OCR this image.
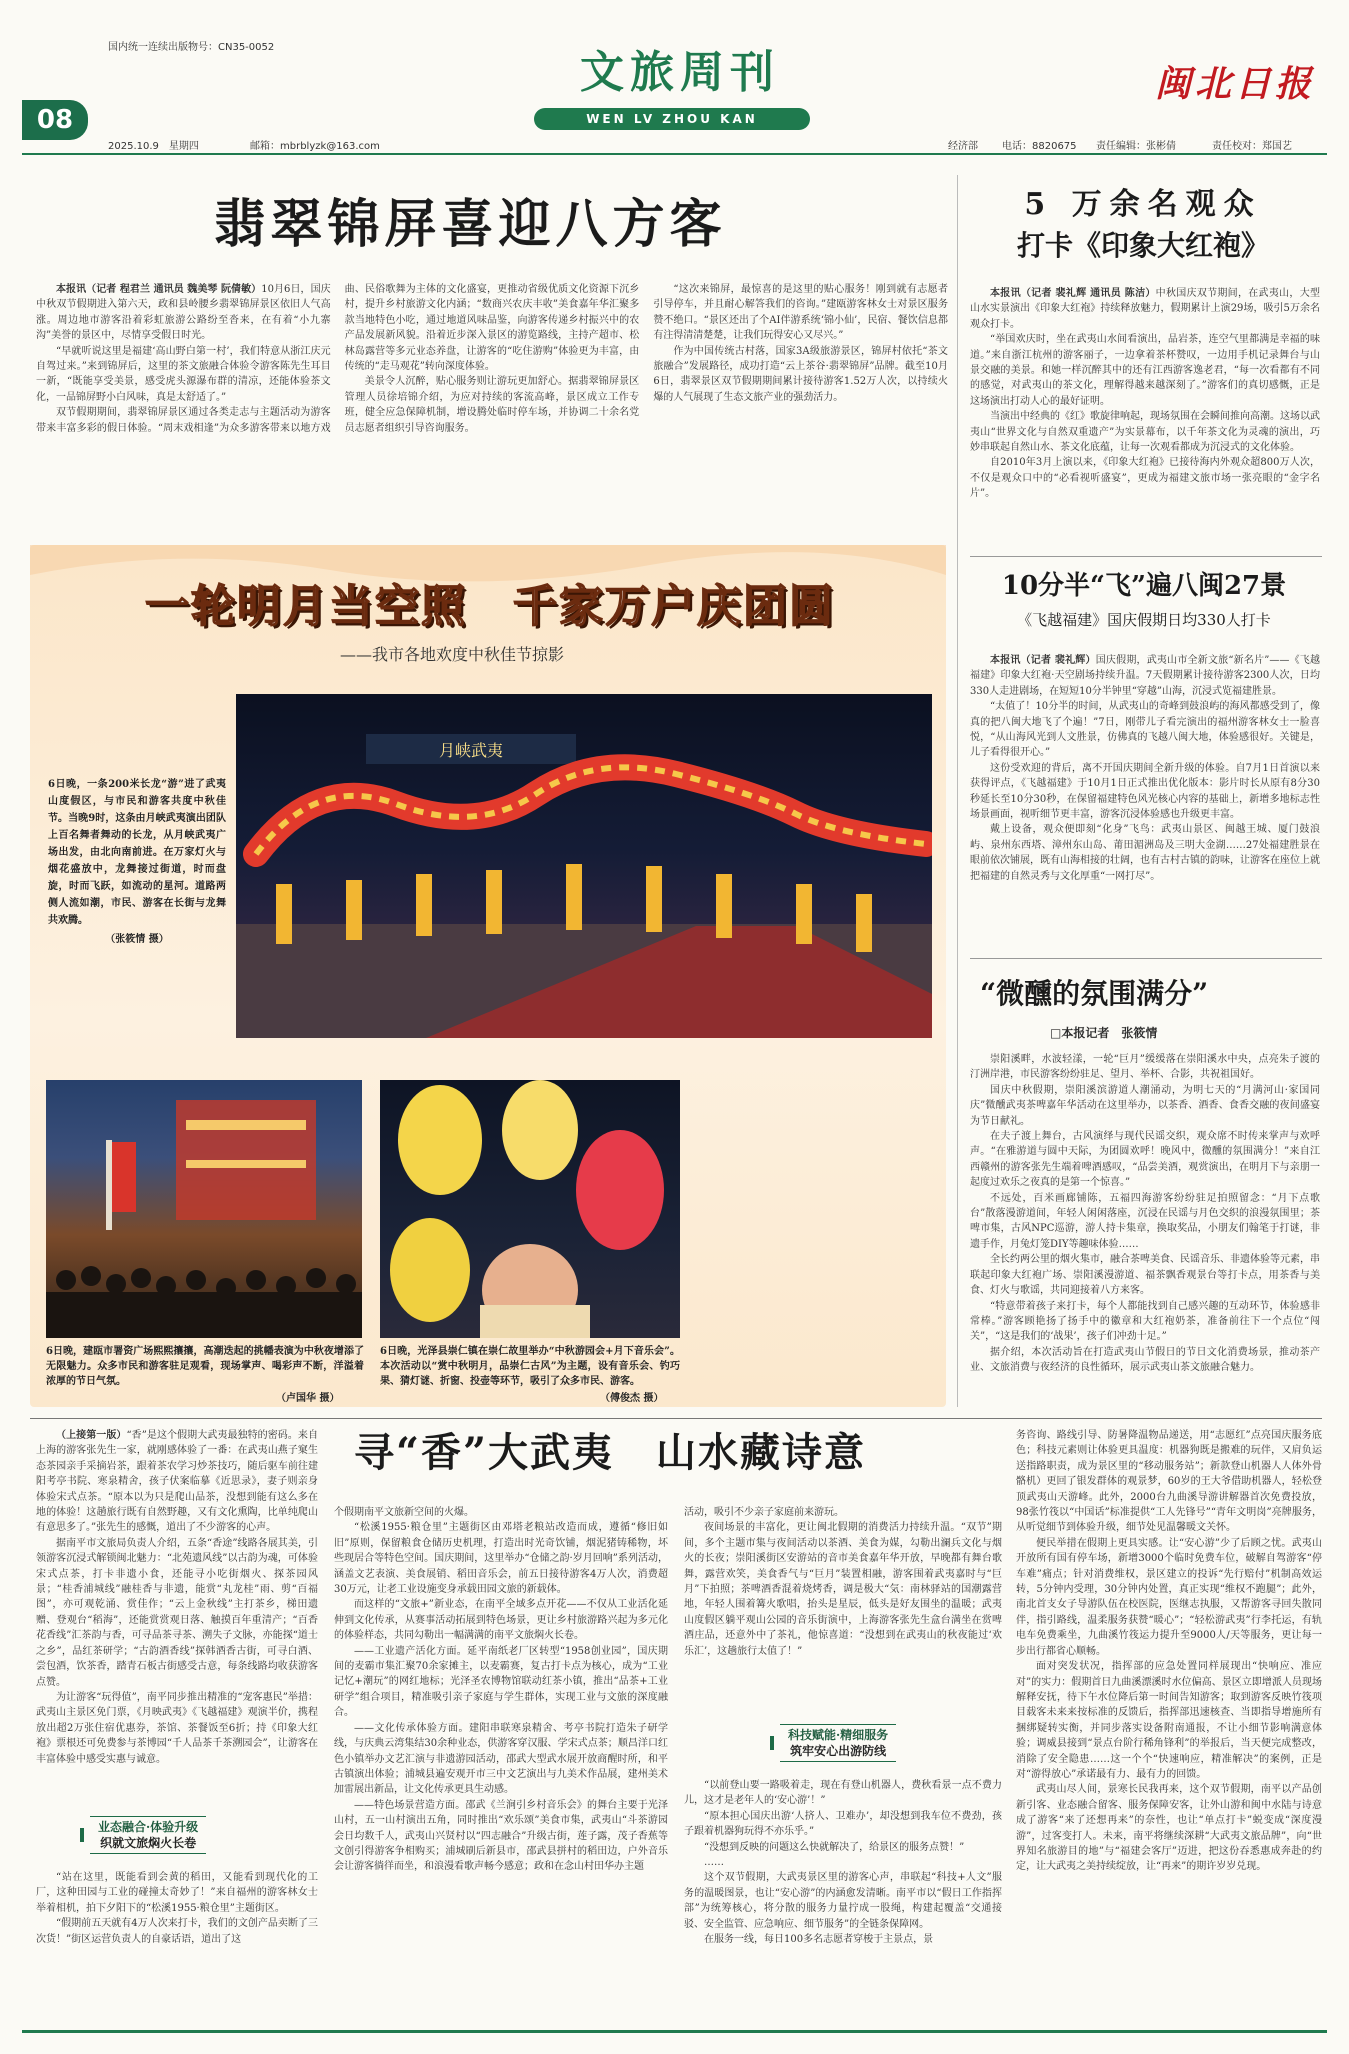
国内统一连续出版物号：CN35-0052
08
2025.10.9　星期四	邮箱：mbrblyzk@163.com
文旅周刊
WEN LV ZHOU KAN
闽北日报
经济部 电话：8820675 责任编辑：张彬倩	责任校对：郑国艺
翡翠锦屏喜迎八方客

本报讯（记者 程君兰 通讯员 魏美琴 阮倩敏）10月6日，国庆中秋双节假期进入第六天，政和县岭腰乡翡翠锦屏景区依旧人气高涨。周边地市游客沿着彩虹旅游公路纷至沓来，在有着“小九寨沟”美誉的景区中，尽情享受假日时光。

“早就听说这里是福建‘高山野白第一村’，我们特意从浙江庆元自驾过来。”来到锦屏后，这里的茶文旅融合体验令游客陈先生耳目一新，“既能享受美景，感受虎头源瀑布群的清凉，还能体验茶文化，一品锦屏野小白风味，真是太舒适了。”

双节假期期间，翡翠锦屏景区通过各类走志与主题活动为游客带来丰富多彩的假日体验。“周末戏相逢”为众多游客带来以地方戏曲、民俗歌舞为主体的文化盛宴，更推动省级优质文化资源下沉乡村，提升乡村旅游文化内涵；“数商兴农庆丰收”美食嘉年华汇聚多款当地特色小吃，通过地道风味品鉴，向游客传递乡村振兴中的农产品发展新风貌。沿着近步深入景区的游览路线，主持产超市、松林岛露营等多元业态养盘，让游客的“吃住游购”体验更为丰富，由传统的“走马观花”转向深度体验。

美景令人沉醉，贴心服务则让游玩更加舒心。据翡翠锦屏景区管理人员徐培锦介绍，为应对持续的客流高峰，景区成立工作专班，健全应急保障机制，增设腾处临时停车场，并协调二十余名党员志愿者组织引导咨询服务。

“这次来锦屏，最惊喜的是这里的贴心服务！刚到就有志愿者引导停车，并且耐心解答我们的咨询。”建瓯游客林女士对景区服务赞不绝口。“景区还出了个AI伴游系统‘锦小仙’，民宿、餐饮信息都有注得清清楚楚，让我们玩得安心又尽兴。”

作为中国传统古村落，国家3A级旅游景区，锦屏村依托“茶文旅融合”发展路径，成功打造“云上茶谷·翡翠锦屏”品牌。截至10月6日，翡翠景区双节假期期间累计接待游客1.52万人次，以持续火爆的人气展现了生态文旅产业的强劲活力。

5 万余名观众
打卡《印象大红袍》

本报讯（记者 裴礼辉 通讯员 陈洁）中秋国庆双节期间，在武夷山，大型山水实景演出《印象大红袍》持续释放魅力，假期累计上演29场，吸引5万余名观众打卡。

“举国欢庆时，坐在武夷山水间看演出，品岩茶，连空气里都满是幸福的味道。”来自浙江杭州的游客丽子，一边拿着茶杯赞叹，一边用手机记录舞台与山景交融的美景。和她一样沉醉其中的还有江西游客逸老君，“每一次看都有不同的感觉，对武夷山的茶文化，理解得越来越深刻了。”游客们的真切感慨，正是这场演出打动人心的最好证明。

当演出中经典的《红》歌旋律响起，现场氛围在会瞬间推向高潮。这场以武夷山“世界文化与自然双重遗产”为实景幕布，以千年茶文化为灵魂的演出，巧妙串联起自然山水、茶文化底蕴，让每一次观看都成为沉浸式的文化体验。

自2010年3月上演以来，《印象大红袍》已接待海内外观众超800万人次，不仅是观众口中的“必看视听盛宴”，更成为福建文旅市场一张亮眼的“金字名片”。

10分半“飞”遍八闽27景
《飞越福建》国庆假期日均330人打卡

本报讯（记者 裴礼辉）国庆假期，武夷山市全新文旅“新名片”——《飞越福建》印象大红袍·天空剧场持续升温。7天假期累计接待游客2300人次，日均330人走进剧场，在短短10分半钟里“穿越”山海，沉浸式览福建胜景。

“太值了！10分半的时间，从武夷山的奇峰到鼓浪屿的海风都感受到了，像真的把八闽大地飞了个遍！”7日，刚带儿子看完演出的福州游客林女士一脸喜悦，“从山海风光到人文胜景，仿佛真的飞越八闽大地，体验感很好。关键是，儿子看得很开心。”

这份受欢迎的背后，离不开国庆期间全新升级的体验。自7月1日首演以来获得评点，《飞越福建》于10月1日正式推出优化版本：影片时长从原有8分30秒延长至10分30秒，在保留福建特色风光核心内容的基础上，新增多地标志性场景画面，视听细节更丰富，游客沉浸体验感也升级更丰富。

戴上设备，观众便即刻“化身”飞鸟：武夷山景区、闽越王城、厦门鼓浪屿、泉州东西塔、漳州东山岛、莆田湄洲岛及三明大金湖……27处福建胜景在眼前依次铺展，既有山海相接的壮阔，也有古村古镇的韵味，让游客在座位上就把福建的自然灵秀与文化厚重“一网打尽”。

“微醺的氛围满分”
□本报记者　张筱情

崇阳溪畔，水波轻漾，一轮“巨月”缓缓落在崇阳溪水中央，点亮朱子渡的汀洲岸港，市民游客纷纷驻足、望月、举杯、合影，共祝祖国好。

国庆中秋假期，崇阳溪滨游道人潮涌动，为明七天的“月满河山·家国同庆”微醺武夷茶啤嘉年华活动在这里举办，以茶香、酒香、食香交融的夜间盛宴为节日献礼。

在夫子渡上舞台，古风演绎与现代民谣交织，观众席不时传来掌声与欢呼声。“在雅游道与圆中天际，为团圆欢呼！晚风中，微醺的氛围满分！”来自江西赣州的游客张先生端着啤酒感叹，“品尝美酒，观赏演出，在明月下与亲朋一起度过欢乐之夜真的是第一个惊喜。”

不远处，百米画廊铺陈，五福四海游客纷纷驻足拍照留念：“月下点歌台”散落漫游道间，年轻人闲闲落座，沉浸在民谣与月色交织的浪漫氛围里；茶啤市集，古风NPC巡游，游人持卡集章，换取奖品，小朋友们翰笔于打谜，非遗手作，月兔灯笼DIY等趣味体验……

全长约两公里的烟火集市，融合茶啤美食、民谣音乐、非遗体验等元素，串联起印象大红袍广场、崇阳溪漫游道、福茶飘香观景台等打卡点，用茶香与美食、灯火与歌谣，共同迎接着八方来客。

“特意带着孩子来打卡，每个人都能找到自己感兴趣的互动环节，体验感非常棒。”游客顾艳扬了扬手中的徽章和大红袍奶茶，准备前往下一个点位“闯关”，“这是我们的‘战果’，孩子们冲劲十足。”

据介绍，本次活动旨在打造武夷山节假日的节日文化消费场景，推动茶产业、文旅消费与夜经济的良性循环，展示武夷山茶文旅融合魅力。

一轮明月当空照　千家万户庆团圆
——我市各地欢度中秋佳节掠影
月峡武夷
6日晚，一条200米长龙“游”进了武夷山度假区，与市民和游客共度中秋佳节。当晚9时，这条由月峡武夷演出团队上百名舞者舞动的长龙，从月峡武夷广场出发，由北向南前进。在万家灯火与烟花盛放中，龙舞接过街道，时而盘旋，时而飞跃，如流动的星河。道路两侧人流如潮，市民、游客在长街与龙舞共欢腾。
（张筱情 摄）
6日晚，建瓯市署资广场熙熙攘攘，高潮迭起的挑幡表演为中秋夜增添了无限魅力。众多市民和游客驻足观看，现场掌声、喝彩声不断，洋溢着浓厚的节日气氛。
（卢国华 摄）
6日晚，光泽县崇仁镇在崇仁故里举办“中秋游园会+月下音乐会”。本次活动以“赏中秋明月，品崇仁古风”为主题，设有音乐会、钓巧果、猜灯谜、折窗、投壶等环节，吸引了众多市民、游客。
（傅俊杰 摄）
寻“香”大武夷　山水藏诗意

（上接第一版）“香”是这个假期大武夷最独特的密码。来自上海的游客张先生一家，就刚感体验了一番：在武夷山燕子窠生态茶园亲手采摘岩茶，跟着茶农学习炒茶技巧，随后驱车前往建阳考亭书院、寒泉精舍，孩子伏案临摹《近思录》，妻子则亲身体验宋式点茶。“原本以为只是爬山品茶，没想到能有这么多在地的体验！这趟旅行既有自然野趣，又有文化熏陶，比单纯爬山有意思多了。”张先生的感慨，道出了不少游客的心声。

据南平市文旅局负责人介绍，五条“香途”线路各展其美，引领游客沉浸式解锁闽北魅力：“北苑遗风线”以古韵为魂，可体验宋式点茶，打卡非遗小食，还能寻小吃街烟火、探茶园风景；“桂香浦城线”融桂香与非遗，能赏“丸龙桂”雨、剪“百福图”，亦可观乾涌、赏佳作；“云上金秋线”主打茶乡，梯田遗赠、登观台“稻海”，还能赏赏观日落、触摸百年重清产；“百香花香线”汇茶韵与香，可寻品茶寻茶、溯失子文脉，亦能探“道士之乡”，品红茶研学；“古韵酒香线”探韩酒香古街，可寻白酒、尝包酒，饮茶香，踏青石板古街感受古意，每条线路均收获游客点赞。

为让游客“玩得值”，南平同步推出精准的“宠客惠民”举措：武夷山主景区免门票，《月映武夷》《飞越福建》观演半价，携程放出超2万张住宿优惠券，茶馆、茶餐饭至6折；持《印象大红袍》票根还可免费参与茶博园“千人品茶千茶溯园会”，让游客在丰富体验中感受实惠与诚意。

业态融合·体验升级
织就文旅焖火长卷

“站在这里，既能看到会黄的稻田，又能看到现代化的工厂，这种田园与工业的碰撞太奇妙了！”来自福州的游客林女士举着相机，拍下夕阳下的“松溪1955·粮仓里”主题街区。

“假期前五天就有4万人次来打卡，我们的文创产品卖断了三次货！”街区运营负责人的自豪话语，道出了这

个假期南平文旅新空间的火爆。

“松溪1955·粮仓里”主题街区由邓塔老粮站改造而成，遵循“修旧如旧”原则，保留粮食仓储历史机理，打造出时光奇饮铺，烟泥猪铸稀物，坏些现居合等特色空间。国庆期间，这里举办“仓储之韵·岁月回响”系列活动，涵盖文艺表演、美食展销、稻田音乐会，前五日接待游客4万人次，消费超30万元，让老工业设施变身承载田园文旅的新载体。

而这样的“文旅+”新业态，在南平全域多点开花——不仅从工业活化延伸到文化传承，从赛事活动拓展到特色场景，更让乡村旅游路兴起为多元化的体验样态，共同勾勒出一幅满满的南平文旅焖火长卷。

——工业遗产活化方面。延平南纸老厂区转型“1958创业园”，国庆期间的麦霸市集汇聚70余家摊主，以麦霸赛，复古打卡点为核心，成为“工业记忆+潮玩”的网红地标；光泽圣农博物馆联动红茶小镇，推出“品茶+工业研学”组合项目，精准吸引亲子家庭与学生群体，实现工业与文旅的深度融合。

——文化传承体验方面。建阳串联寒泉精舍、考亭书院打造朱子研学线，与庆典云湾集结30余种业态，供游客穿汉服、学宋式点茶；顺昌洋口红色小镇举办文艺汇演与非遗游园活动，邵武大型武水展开放商醒时所，和平古镇演出体验；浦城县遍安观开市三中文艺演出与九美术作品展，建州美术加雷展出新品，让文化传承更具生动感。

——特色场景营造方面。邵武《兰涧引乡村音乐会》的舞台主要于光泽山村，五一山村演出五角，同时推出“欢乐颂”美食市集，武夷山“斗茶游园会日均数千人，武夷山兴贤村以“四志融合”升级古街，莲子露，茂子香蕉等文创引得游客争相购买；浦城刷后新县市，邵武县拼村的稻田边，户外音乐会让游客徜徉而坐，和浪漫看歌声畅今感意；政和在念山村田华办主题

活动，吸引不少亲子家庭前来游玩。

夜间场景的丰富化，更让闽北假期的消费活力持续升温。“双节”期间，多个主题市集与夜间活动以茶酒、美食为媒，勾勒出澜兵文化与烟火的长夜；崇阳溪街区安游站的音市美食嘉年华开放，早晚都有舞台歌舞，露营欢笑，美食香气与“巨月”装置相融，游客围着武夷嘉时与“巨月”下拍照；茶啤酒香混着烧烤香，调是极大“気：南林驿站的国潮露营地，年轻人围着篝火歌唱，抬头是星辰，低头是好友围坐的温暖；武夷山度假区躺平观山公园的音乐街演中，上海游客张先生盒台满坐在赏啤酒庄品，还意外中了茶礼，他惊喜道：“没想到在武夷山的秋夜能过‘欢乐汇’，这趟旅行太值了！”

科技赋能·精细服务
筑牢安心出游防线

“以前登山要一路吸着走，现在有登山机器人，费秋看景一点不费力儿，这才是老年人的‘安心游’！”

“原本担心国庆出游‘人挤人、卫难办’，却没想到我车位不费劲，孩子跟着机器狗玩得不亦乐乎。”

“没想到反映的问题这么快就解决了，给景区的服务点赞！”

……

这个双节假期，大武夷景区里的游客心声，串联起“科技+人文”服务的温暖图景，也让“安心游”的内涵愈发清晰。南平市以“假日工作指挥部”为统筹核心，将分散的服务力量拧成一股绳，构建起覆盖“交通接驳、安全监管、应急响应、细节服务”的全链条保障网。

在服务一线，每日100多名志愿者穿梭于主景点，景

务咨询、路线引导、防暑降温物品递送，用“志愿红”点亮国庆服务底色；科技元素则让体验更具温度：机器狗既是搬难的玩伴，又肩负运送指路职责，成为景区里的“移动服务站”；新款登山机器人人体外骨骼机）更回了银发群体的观景梦，60岁的王大爷借助机器人，轻松登顶武夷山天游峰。此外，2000台九曲溪导游讲解器首次免费投放，98张竹筏以“中国话”标准提供“工人先锋号”“青年文明岗”亮牌服务，从听觉细节到体验升级，细节处见温馨暖文关怀。

便民举措在假期上更具实感。让“安心游”少了后顾之忧。武夷山开放所有国有停车场，新增3000个临时免费车位，破解自驾游客“停车难”痛点；针对消费维权，景区建立的投诉“先行赔付”机制高效运转，5分钟内受理，30分钟内处置，真正实现“维权不跑腿”；此外，南北首支女子导游队伍在校医院，医继志执服，又帮游客寻回失散同伴，指引路线，温柔服务获赞“暖心”；“轻松游武夷”行李托运，有轨电车免费乘坐，九曲溪竹筏运力提升至9000人/天等服务，更让每一步出行都省心顺畅。

面对突发状况，指挥部的应急处置同样展现出“快响应、准应对”的实力：假期首日九曲溪漂溪时水位偏高、景区立即增派人员现场解释安抚，待下午水位降后第一时间告知游客；取到游客反映竹筏项目载客未来来按标准的反馈后，指挥部迅速核查、当即指导增施所有捆绑疑转实衡，并同步落实设备附南通报，不让小细节影响满意体验；调威县接到“景点台阶行稀角锋利”的举报后，当天便完成整改，消除了安全隐患……这一个个“快速响应，精准解决”的案例，正是对“游得放心”承诺最有力、最有力的回馈。

武夷山尽人间，景寒长民我再来，这个双节假期，南平以产品创新引客、业态融合留客、服务保障安客，让外山游和闽中水陆与诗意成了游客“来了还想再来”的奈性，也让“单点打卡”蜕变成“深度漫游”，过客变打人。未来，南平将继续深耕“大武夷文旅品牌”，向“世界知名旅游目的地”与“福建会客厅”迈进，把这份吞悉惠成奔赴的约定，让大武夷之美持续绽放，让“再来”的期许岁岁兑现。
